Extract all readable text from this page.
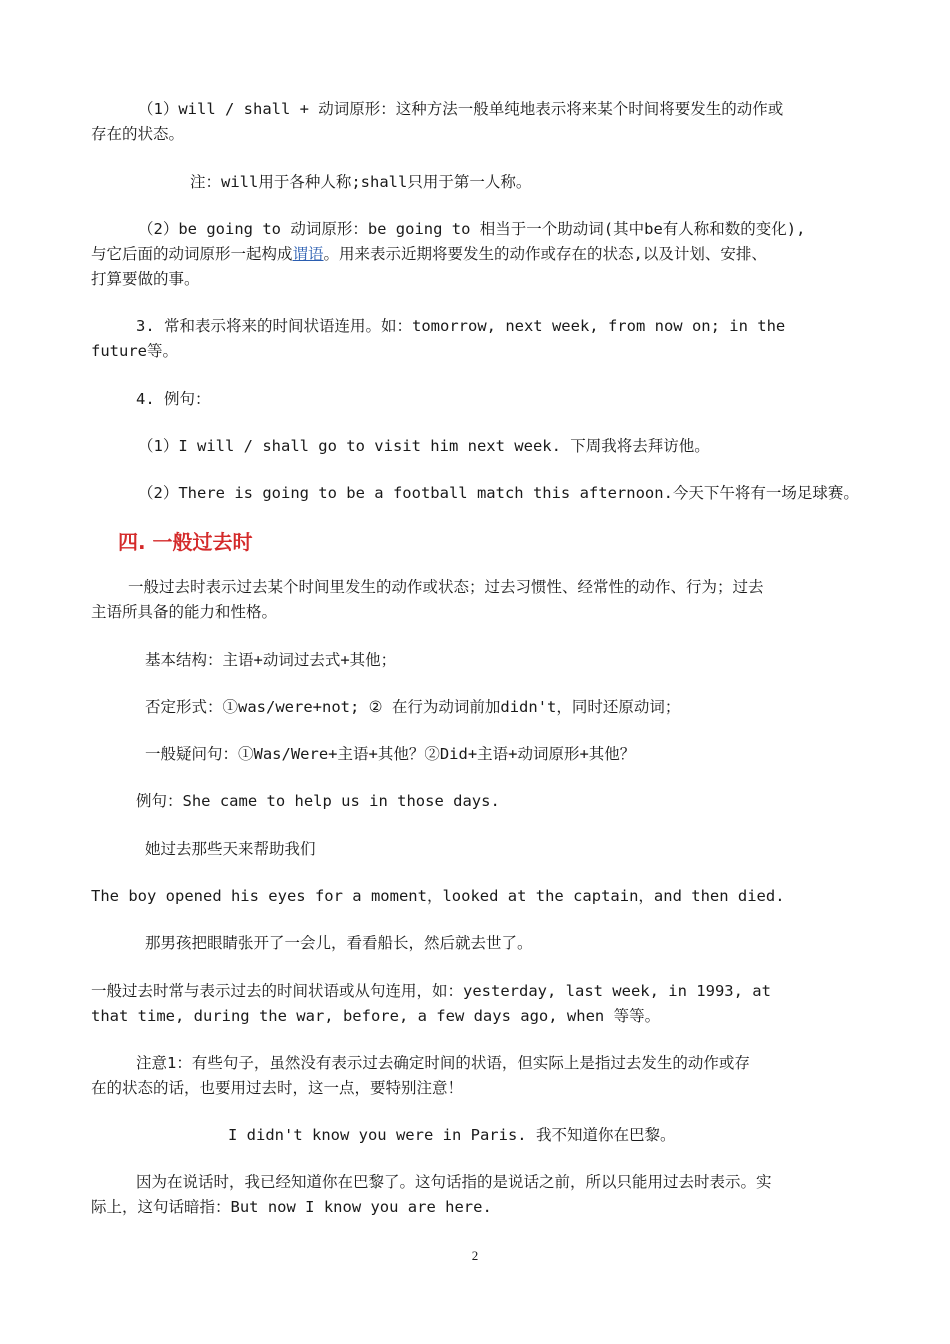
（1）will / shall + 动词原形：这种方法一般单纯地表示将来某个时间将要发生的动作或
存在的状态。
注：will用于各种人称;shall只用于第一人称。
（2）be going to 动词原形：be going to 相当于一个助动词(其中be有人称和数的变化),
与它后面的动词原形一起构成谓语。用来表示近期将要发生的动作或存在的状态,以及计划、安排、
打算要做的事。
3. 常和表示将来的时间状语连用。如：tomorrow, next week, from now on; in the
future等。
4. 例句：
（1）I will / shall go to visit him next week. 下周我将去拜访他。
（2）There is going to be a football match this afternoon.今天下午将有一场足球赛。
四. 一般过去时
一般过去时表示过去某个时间里发生的动作或状态；过去习惯性、经常性的动作、行为；过去
主语所具备的能力和性格。
基本结构：主语+动词过去式+其他；
否定形式：①was/were+not; ② 在行为动词前加didn't，同时还原动词；
一般疑问句：①Was/Were+主语+其他？②Did+主语+动词原形+其他？
例句：She came to help us in those days.
她过去那些天来帮助我们
The boy opened his eyes for a moment，looked at the captain，and then died.
那男孩把眼睛张开了一会儿，看看船长，然后就去世了。
一般过去时常与表示过去的时间状语或从句连用，如：yesterday, last week, in 1993, at
that time, during the war, before, a few days ago, when 等等。
注意1：有些句子，虽然没有表示过去确定时间的状语，但实际上是指过去发生的动作或存
在的状态的话，也要用过去时，这一点，要特别注意！
I didn't know you were in Paris. 我不知道你在巴黎。
因为在说话时，我已经知道你在巴黎了。这句话指的是说话之前，所以只能用过去时表示。实
际上，这句话暗指：But now I know you are here.
2
